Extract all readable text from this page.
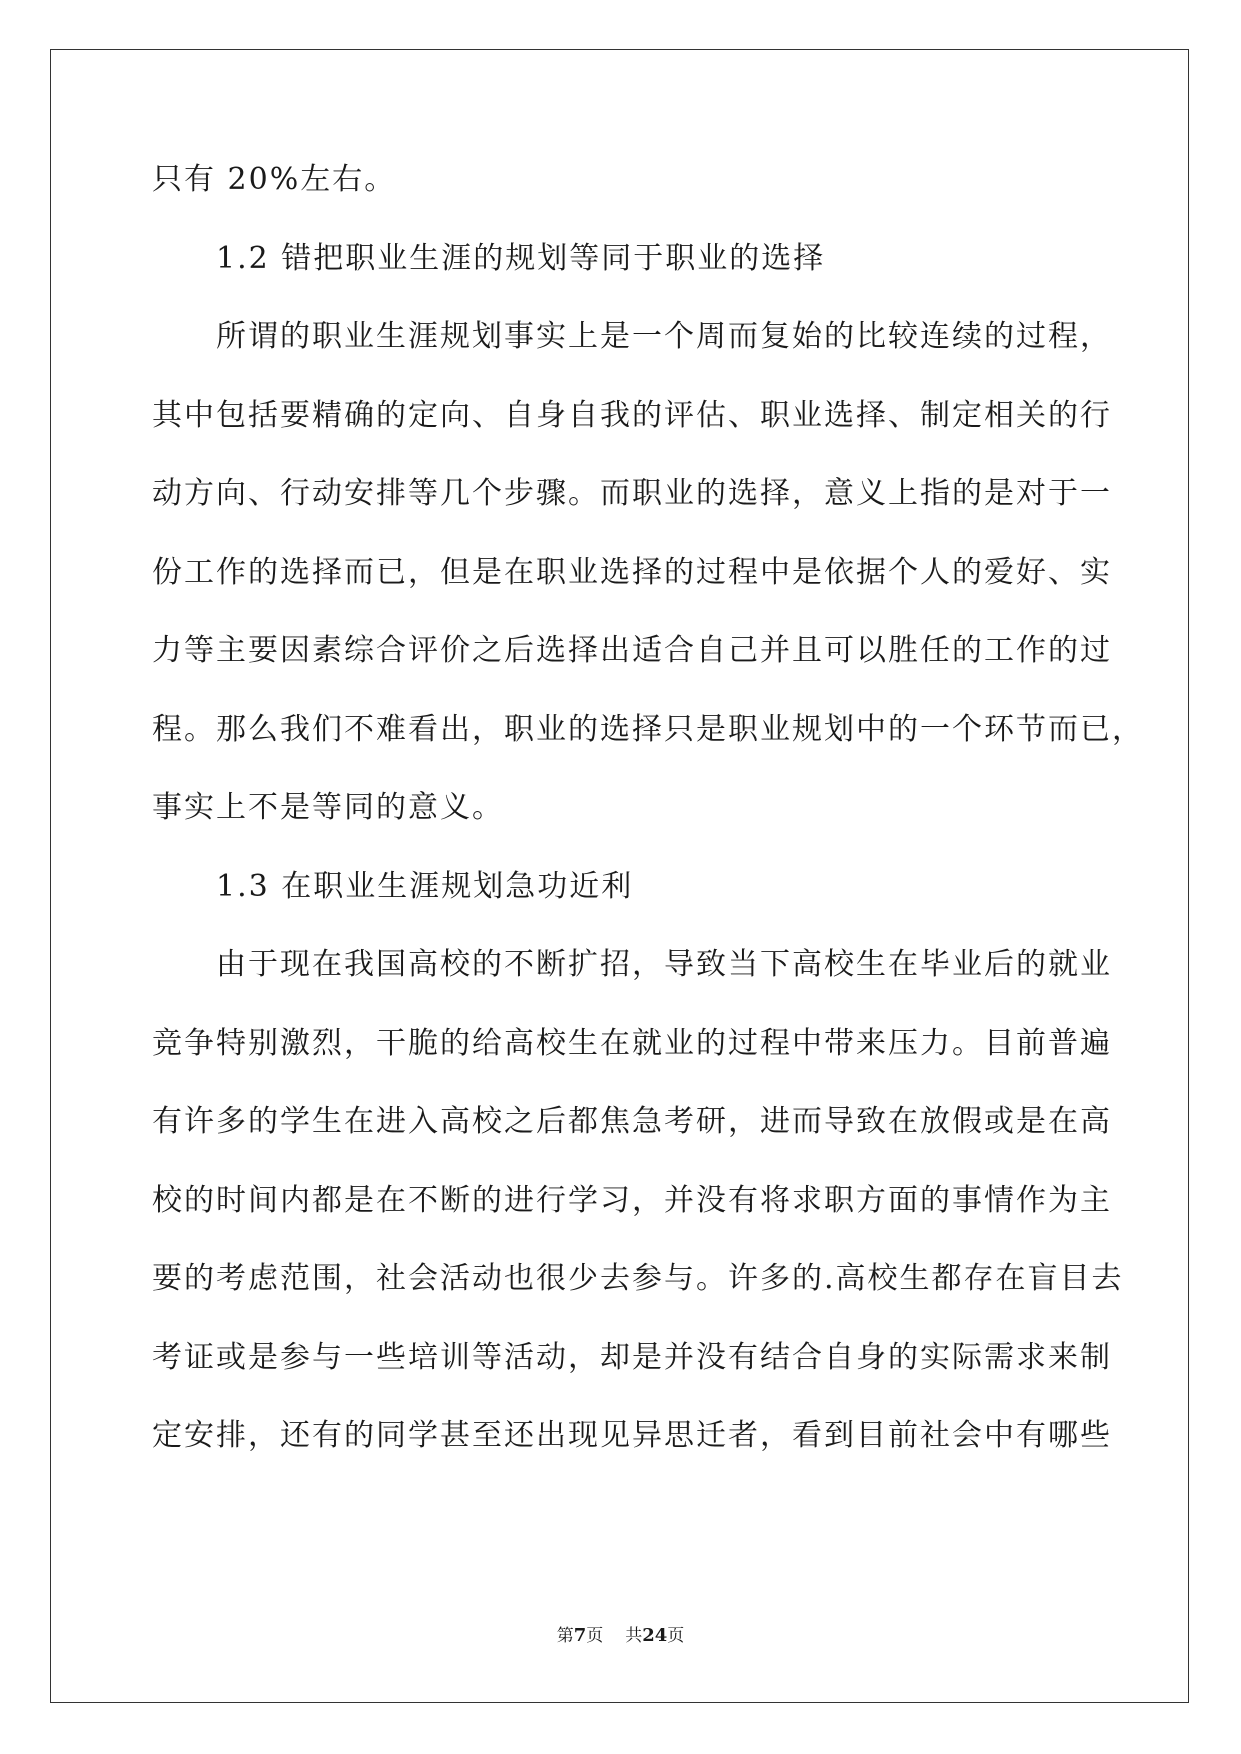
只有 20%左右。
1.2 错把职业生涯的规划等同于职业的选择
所谓的职业生涯规划事实上是一个周而复始的比较连续的过程，
其中包括要精确的定向、自身自我的评估、职业选择、制定相关的行
动方向、行动安排等几个步骤。而职业的选择，意义上指的是对于一
份工作的选择而已，但是在职业选择的过程中是依据个人的爱好、实
力等主要因素综合评价之后选择出适合自己并且可以胜任的工作的过
程。那么我们不难看出，职业的选择只是职业规划中的一个环节而已，
事实上不是等同的意义。
1.3 在职业生涯规划急功近利
由于现在我国高校的不断扩招，导致当下高校生在毕业后的就业
竞争特别激烈，干脆的给高校生在就业的过程中带来压力。目前普遍
有许多的学生在进入高校之后都焦急考研，进而导致在放假或是在高
校的时间内都是在不断的进行学习，并没有将求职方面的事情作为主
要的考虑范围，社会活动也很少去参与。许多的.高校生都存在盲目去
考证或是参与一些培训等活动，却是并没有结合自身的实际需求来制
定安排，还有的同学甚至还出现见异思迁者，看到目前社会中有哪些
第7页 共24页
